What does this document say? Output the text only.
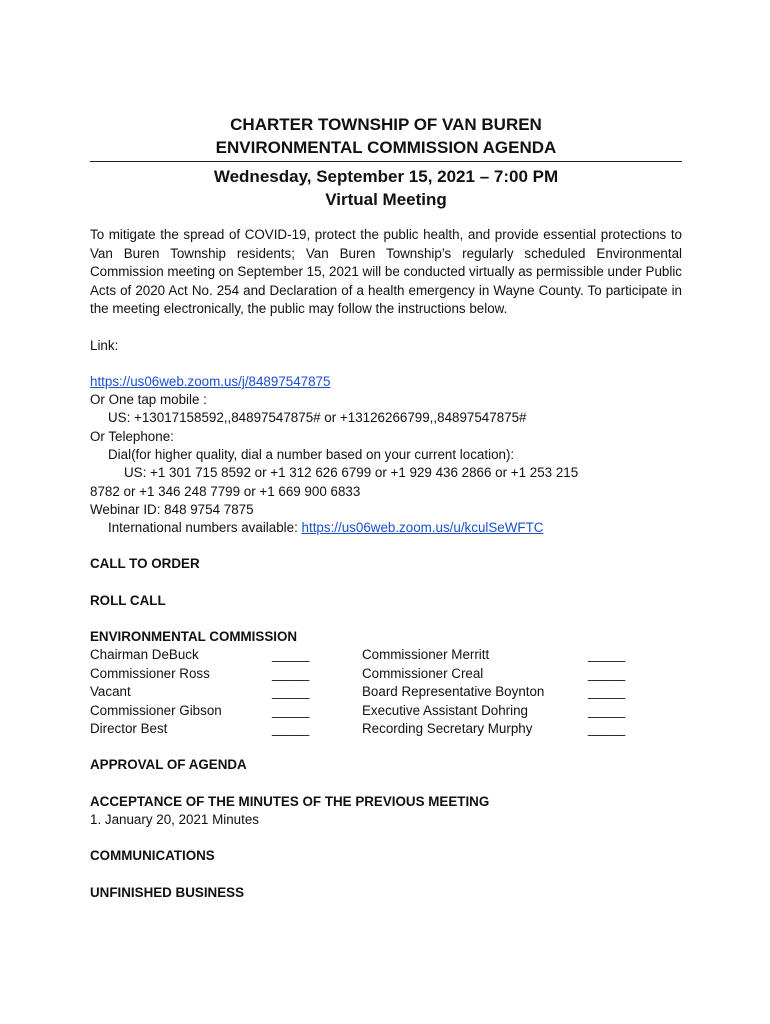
CHARTER TOWNSHIP OF VAN BUREN
ENVIRONMENTAL COMMISSION AGENDA
Wednesday, September 15, 2021 – 7:00 PM
Virtual Meeting
To mitigate the spread of COVID-19, protect the public health, and provide essential protections to Van Buren Township residents; Van Buren Township’s regularly scheduled Environmental Commission meeting on September 15, 2021 will be conducted virtually as permissible under Public Acts of 2020 Act No. 254 and Declaration of a health emergency in Wayne County. To participate in the meeting electronically, the public may follow the instructions below.
Link:
https://us06web.zoom.us/j/84897547875
Or One tap mobile :
US: +13017158592,,84897547875# or +13126266799,,84897547875#
Or Telephone:
Dial(for higher quality, dial a number based on your current location):
US: +1 301 715 8592 or +1 312 626 6799 or +1 929 436 2866 or +1 253 215
8782 or +1 346 248 7799 or +1 669 900 6833
Webinar ID: 848 9754 7875
International numbers available: https://us06web.zoom.us/u/kculSeWFTC
CALL TO ORDER
ROLL CALL
ENVIRONMENTAL COMMISSION
Chairman DeBuck	_____	Commissioner Merritt	_____
Commissioner Ross	_____	Commissioner Creal	_____
Vacant	_____	Board Representative Boynton	_____
Commissioner Gibson	_____	Executive Assistant Dohring	_____
Director Best	_____	Recording Secretary Murphy	_____
APPROVAL OF AGENDA
ACCEPTANCE OF THE MINUTES OF THE PREVIOUS MEETING
1. January 20, 2021 Minutes
COMMUNICATIONS
UNFINISHED BUSINESS
